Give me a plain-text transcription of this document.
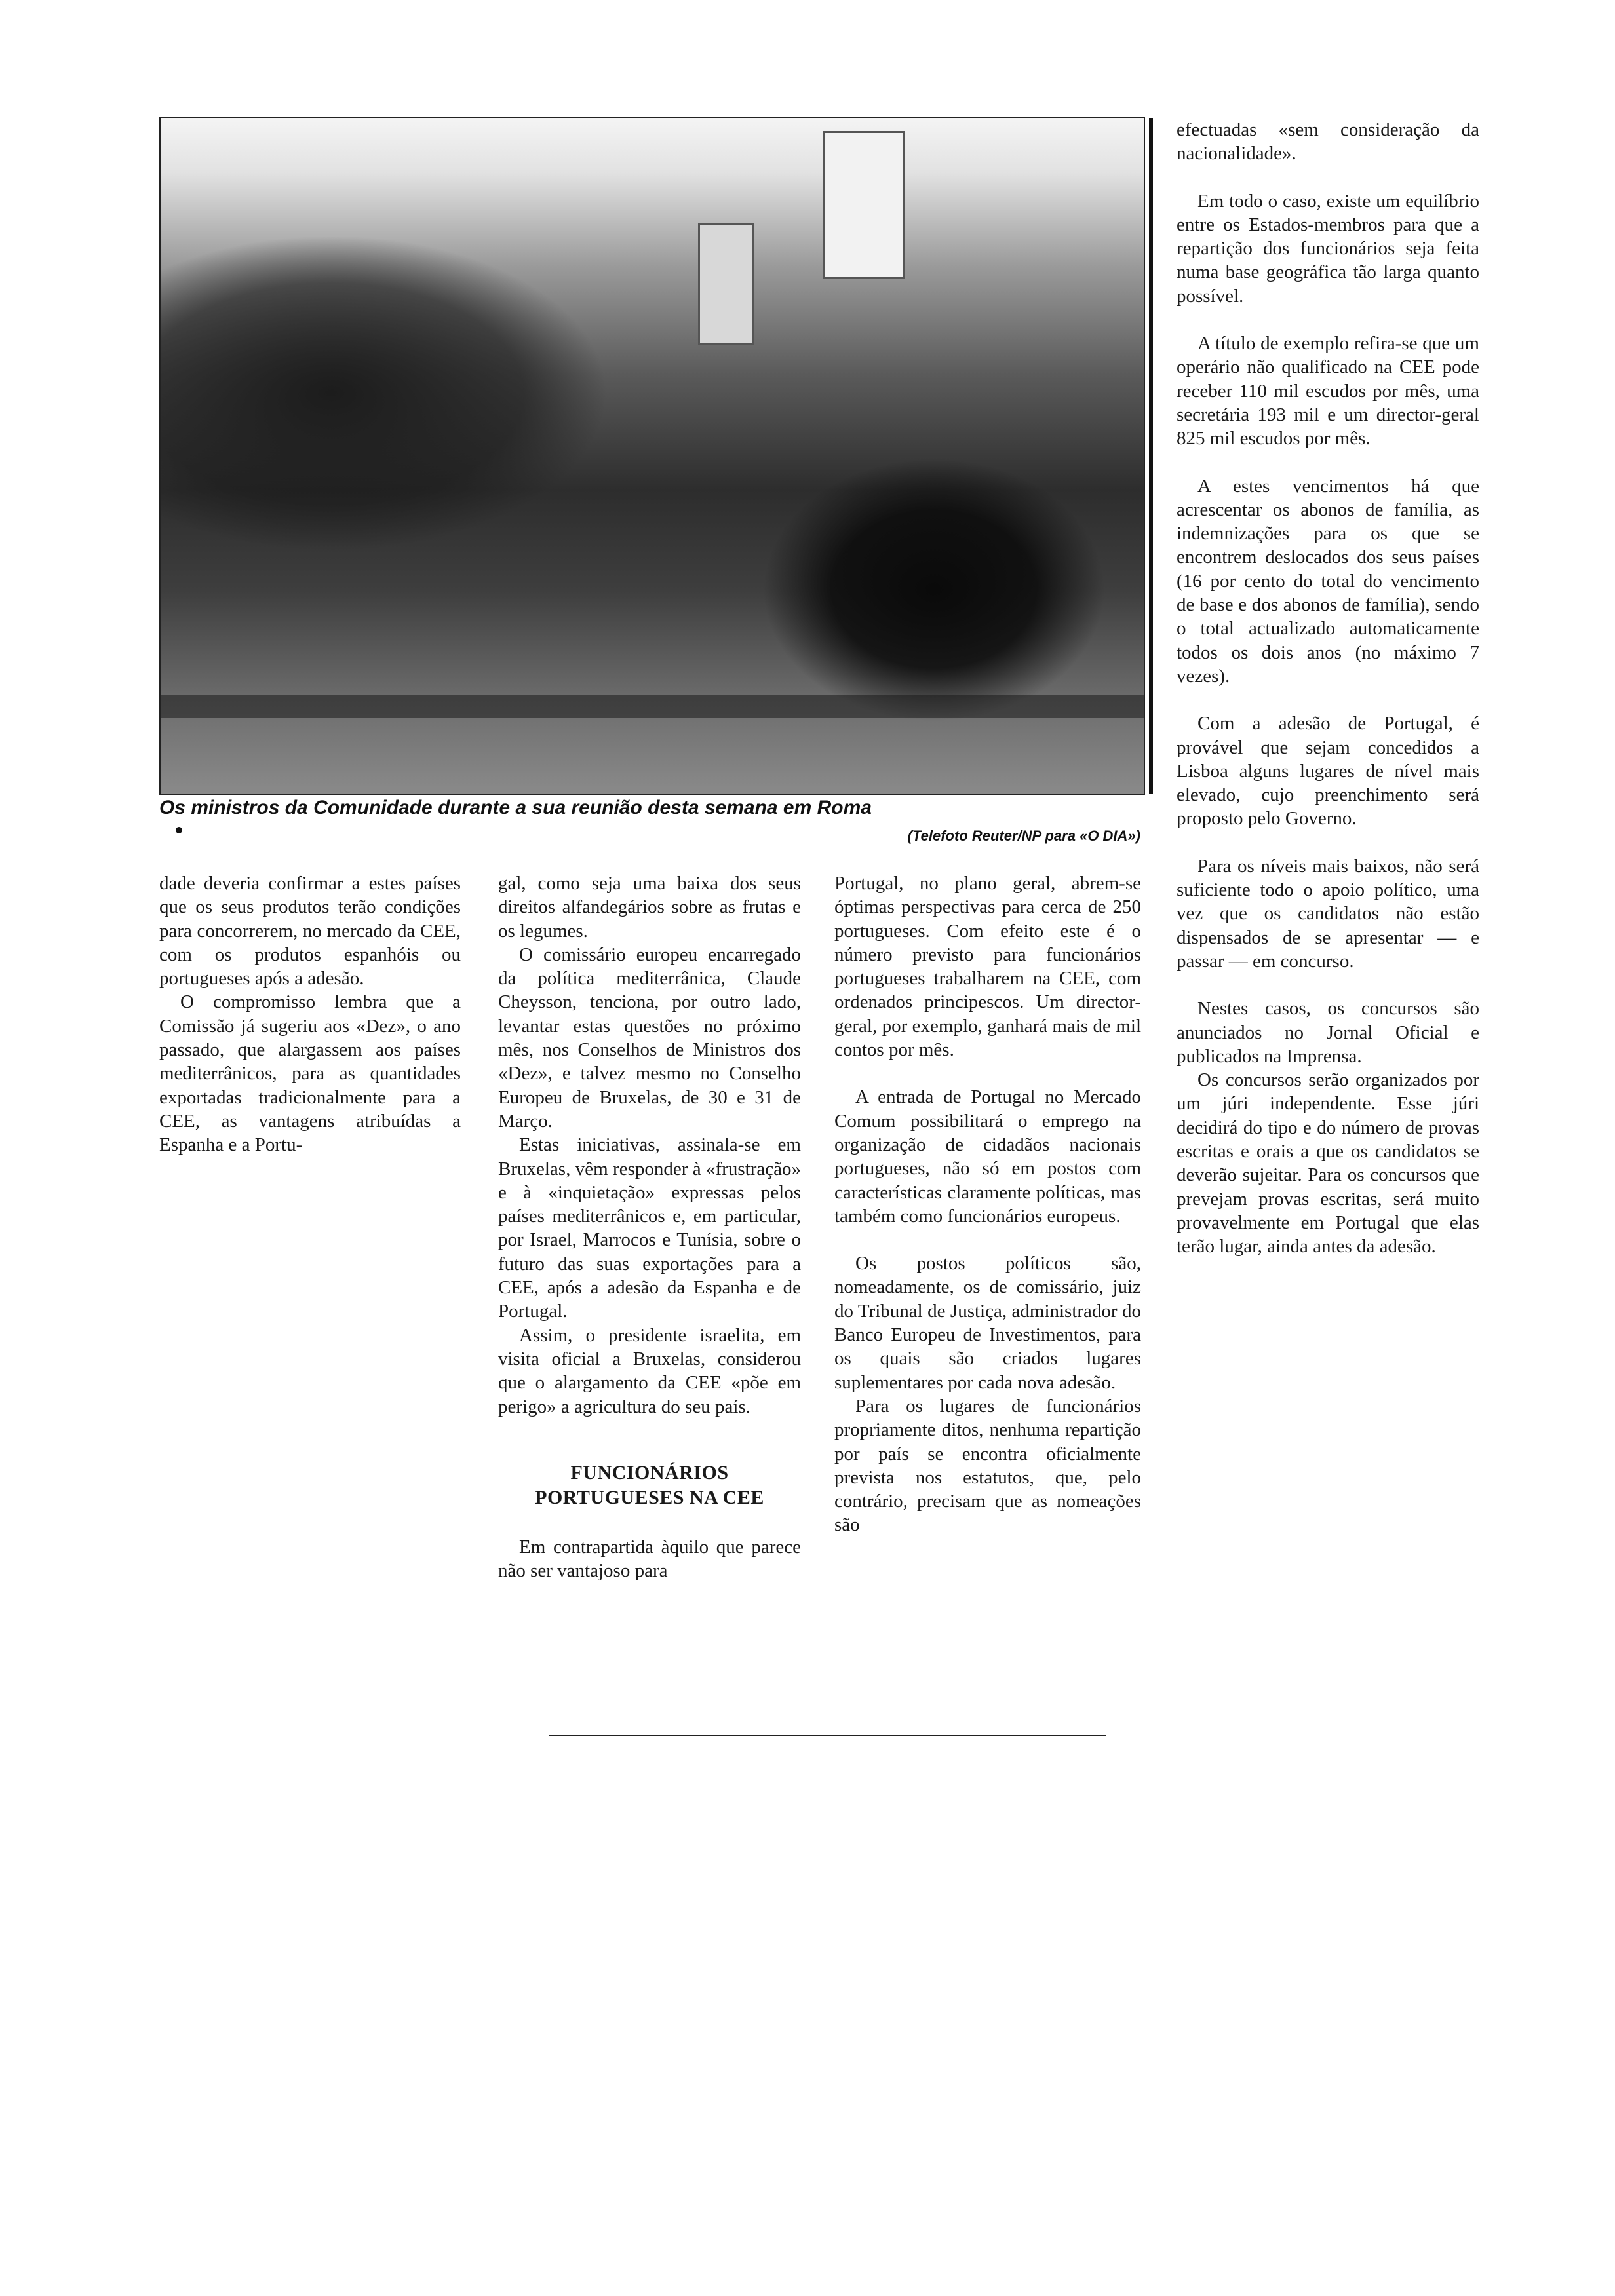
Os ministros da Comunidade durante a sua reunião desta semana em Roma
(Telefoto Reuter/NP para «O DIA»)

dade deveria confirmar a estes países que os seus produtos terão condições para concorrerem, no mercado da CEE, com os produtos espanhóis ou portugueses após a adesão.

O compromisso lembra que a Comissão já sugeriu aos «Dez», o ano passado, que alargassem aos países mediterrânicos, para as quantidades exportadas tradicionalmente para a CEE, as vantagens atribuídas a Espanha e a Portu-

gal, como seja uma baixa dos seus direitos alfandegários sobre as frutas e os legumes.

O comissário europeu encarregado da política mediterrânica, Claude Cheysson, tenciona, por outro lado, levantar estas questões no próximo mês, nos Conselhos de Ministros dos «Dez», e talvez mesmo no Conselho Europeu de Bruxelas, de 30 e 31 de Março.

Estas iniciativas, assinala-se em Bruxelas, vêm responder à «frustração» e à «inquietação» expressas pelos países mediterrânicos e, em particular, por Israel, Marrocos e Tunísia, sobre o futuro das suas exportações para a CEE, após a adesão da Espanha e de Portugal.

Assim, o presidente israelita, em visita oficial a Bruxelas, considerou que o alargamento da CEE «põe em perigo» a agricultura do seu país.

FUNCIONÁRIOS
PORTUGUESES NA CEE

Em contrapartida àquilo que parece não ser vantajoso para

Portugal, no plano geral, abrem-se óptimas perspectivas para cerca de 250 portugueses. Com efeito este é o número previsto para funcionários portugueses trabalharem na CEE, com ordenados principescos. Um director-geral, por exemplo, ganhará mais de mil contos por mês.

A entrada de Portugal no Mercado Comum possibilitará o emprego na organização de cidadãos nacionais portugueses, não só em postos com características claramente políticas, mas também como funcionários europeus.

Os postos políticos são, nomeadamente, os de comissário, juiz do Tribunal de Justiça, administrador do Banco Europeu de Investimentos, para os quais são criados lugares suplementares por cada nova adesão.

Para os lugares de funcionários propriamente ditos, nenhuma repartição por país se encontra oficialmente prevista nos estatutos, que, pelo contrário, precisam que as nomeações são

efectuadas «sem consideração da nacionalidade».

Em todo o caso, existe um equilíbrio entre os Estados-membros para que a repartição dos funcionários seja feita numa base geográfica tão larga quanto possível.

A título de exemplo refira-se que um operário não qualificado na CEE pode receber 110 mil escudos por mês, uma secretária 193 mil e um director-geral 825 mil escudos por mês.

A estes vencimentos há que acrescentar os abonos de família, as indemnizações para os que se encontrem deslocados dos seus países (16 por cento do total do vencimento de base e dos abonos de família), sendo o total actualizado automaticamente todos os dois anos (no máximo 7 vezes).

Com a adesão de Portugal, é provável que sejam concedidos a Lisboa alguns lugares de nível mais elevado, cujo preenchimento será proposto pelo Governo.

Para os níveis mais baixos, não será suficiente todo o apoio político, uma vez que os candidatos não estão dispensados de se apresentar — e passar — em concurso.

Nestes casos, os concursos são anunciados no Jornal Oficial e publicados na Imprensa.

Os concursos serão organizados por um júri independente. Esse júri decidirá do tipo e do número de provas escritas e orais a que os candidatos se deverão sujeitar. Para os concursos que prevejam provas escritas, será muito provavelmente em Portugal que elas terão lugar, ainda antes da adesão.
